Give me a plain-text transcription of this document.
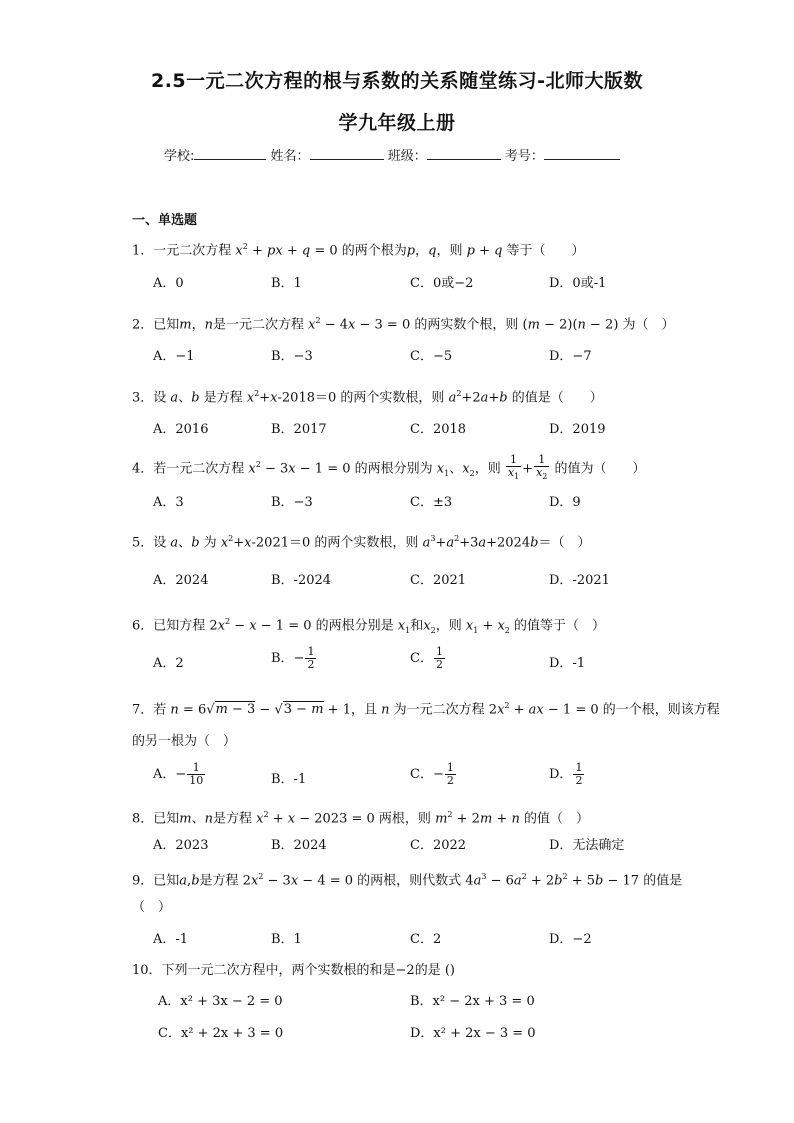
2.5一元二次方程的根与系数的关系随堂练习-北师大版数
学九年级上册
学校:	姓名：	班级：	考号：
一、单选题
1．一元二次方程 $x^2$ + px + q = 0 的两个根为p，q，则 p + q 等于（　　）
A．0	B．1	C．0或−2	D．0或-1
2．已知m，n是一元二次方程 $x^2 - 4x - 3 = 0$ 的两实数个根，则 (m − 2)(n − 2) 为（　）
A．−1	B．−3	C．−5	D．−7
3．设 a、b 是方程 $x^2+x-2018=0$ 的两个实数根，则 $a^2+2a+b$ 的值是（　　）
A．2016	B．2017	C．2018	D．2019
4．若一元二次方程 $x^2 - 3x - 1 = 0$ 的两根分别为 $x_1$、$x_2$，则 $\frac{1}{x_1} + \frac{1}{x_2}$ 的值为（　　）
A．3	B．−3	C．±3	D．9
5．设 a、b 为 $x^2+x-2021=0$ 的两个实数根，则 $a^3+a^2+3a+2024b=$（　）
A．2024	B．-2024	C．2021	D．-2021
6．已知方程 $2x^2 - x - 1 = 0$ 的两根分别是 $x_1$和$x_2$，则 $x_1 + x_2$ 的值等于（　）
A．2	B．− $\frac{1}{2}$	C． $\frac{1}{2}$	D．-1
7．若 n = 6√m − 3 − √3 − m + 1，且 n 为一元二次方程 $2x^2$ + ax − 1 = 0 的一个根，则该方程
的另一根为（　）
A．− $\frac{1}{10}$	B．-1	C．− $\frac{1}{2}$	D． $\frac{1}{2}$
8．已知m、n是方程 $x^2 + x - 2023 = 0$ 两根，则 $m^2 + 2m + n$ 的值（　）
A．2023	B．2024	C．2022	D．无法确定
9．已知a,b是方程 $2x^2 - 3x - 4 = 0$ 的两根，则代数式 $4a^3 - 6a^2 + 2b^2 + 5b - 17$ 的值是
（　）
A．-1	B．1	C．2	D．−2
10．下列一元二次方程中，两个实数根的和是−2的是 ()
A．x² + 3x − 2 = 0	B．x² − 2x + 3 = 0
C．x² + 2x + 3 = 0	D．x² + 2x − 3 = 0
